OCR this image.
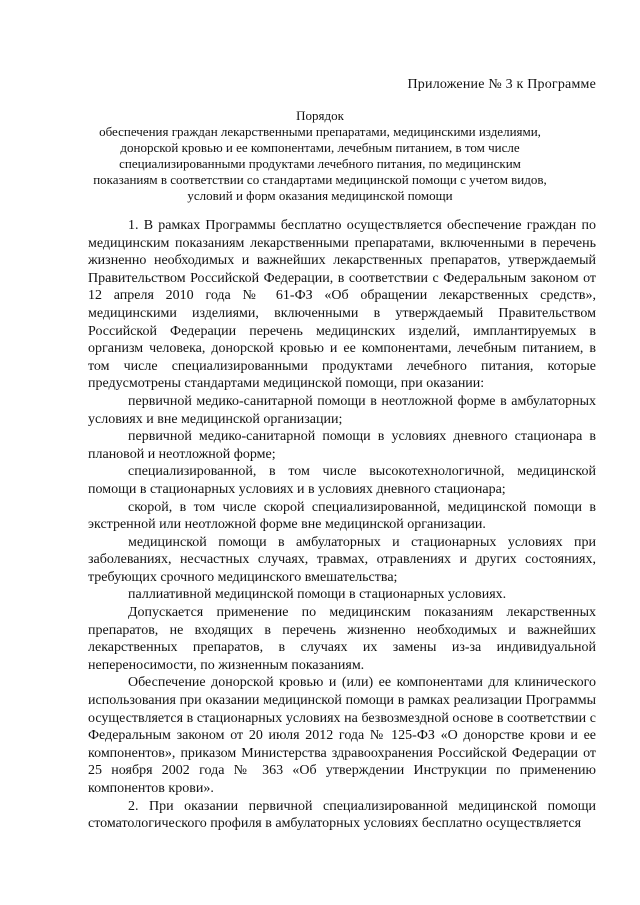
Приложение № 3 к Программе
Порядок
обеспечения граждан лекарственными препаратами, медицинскими изделиями,
донорской кровью и ее компонентами, лечебным питанием, в том числе
специализированными продуктами лечебного питания, по медицинским
показаниям в соответствии со стандартами медицинской помощи с учетом видов,
условий и форм оказания медицинской помощи

1. В рамках Программы бесплатно осуществляется обеспечение граждан по медицинским показаниям лекарственными препаратами, включенными в перечень жизненно необходимых и важнейших лекарственных препаратов, утверждаемый Правительством Российской Федерации, в соответствии с Федеральным законом от 12 апреля 2010 года № 61-ФЗ «Об обращении лекарственных средств», медицинскими изделиями, включенными в утверждаемый Правительством Российской Федерации перечень медицинских изделий, имплантируемых в организм человека, донорской кровью и ее компонентами, лечебным питанием, в том числе специализированными продуктами лечебного питания, которые предусмотрены стандартами медицинской помощи, при оказании:

первичной медико-санитарной помощи в неотложной форме в амбулаторных условиях и вне медицинской организации;

первичной медико-санитарной помощи в условиях дневного стационара в плановой и неотложной форме;

специализированной, в том числе высокотехнологичной, медицинской помощи в стационарных условиях и в условиях дневного стационара;

скорой, в том числе скорой специализированной, медицинской помощи в экстренной или неотложной форме вне медицинской организации.

медицинской помощи в амбулаторных и стационарных условиях при заболеваниях, несчастных случаях, травмах, отравлениях и других состояниях, требующих срочного медицинского вмешательства;

паллиативной медицинской помощи в стационарных условиях.

Допускается применение по медицинским показаниям лекарственных препаратов, не входящих в перечень жизненно необходимых и важнейших лекарственных препаратов, в случаях их замены из-за индивидуальной непереносимости, по жизненным показаниям.

Обеспечение донорской кровью и (или) ее компонентами для клинического использования при оказании медицинской помощи в рамках реализации Программы осуществляется в стационарных условиях на безвозмездной основе в соответствии с Федеральным законом от 20 июля 2012 года № 125-ФЗ «О донорстве крови и ее компонентов», приказом Министерства здравоохранения Российской Федерации от 25 ноября 2002 года № 363 «Об утверждении Инструкции по применению компонентов крови».

2. При оказании первичной специализированной медицинской помощи стоматологического профиля в амбулаторных условиях бесплатно осуществляется
